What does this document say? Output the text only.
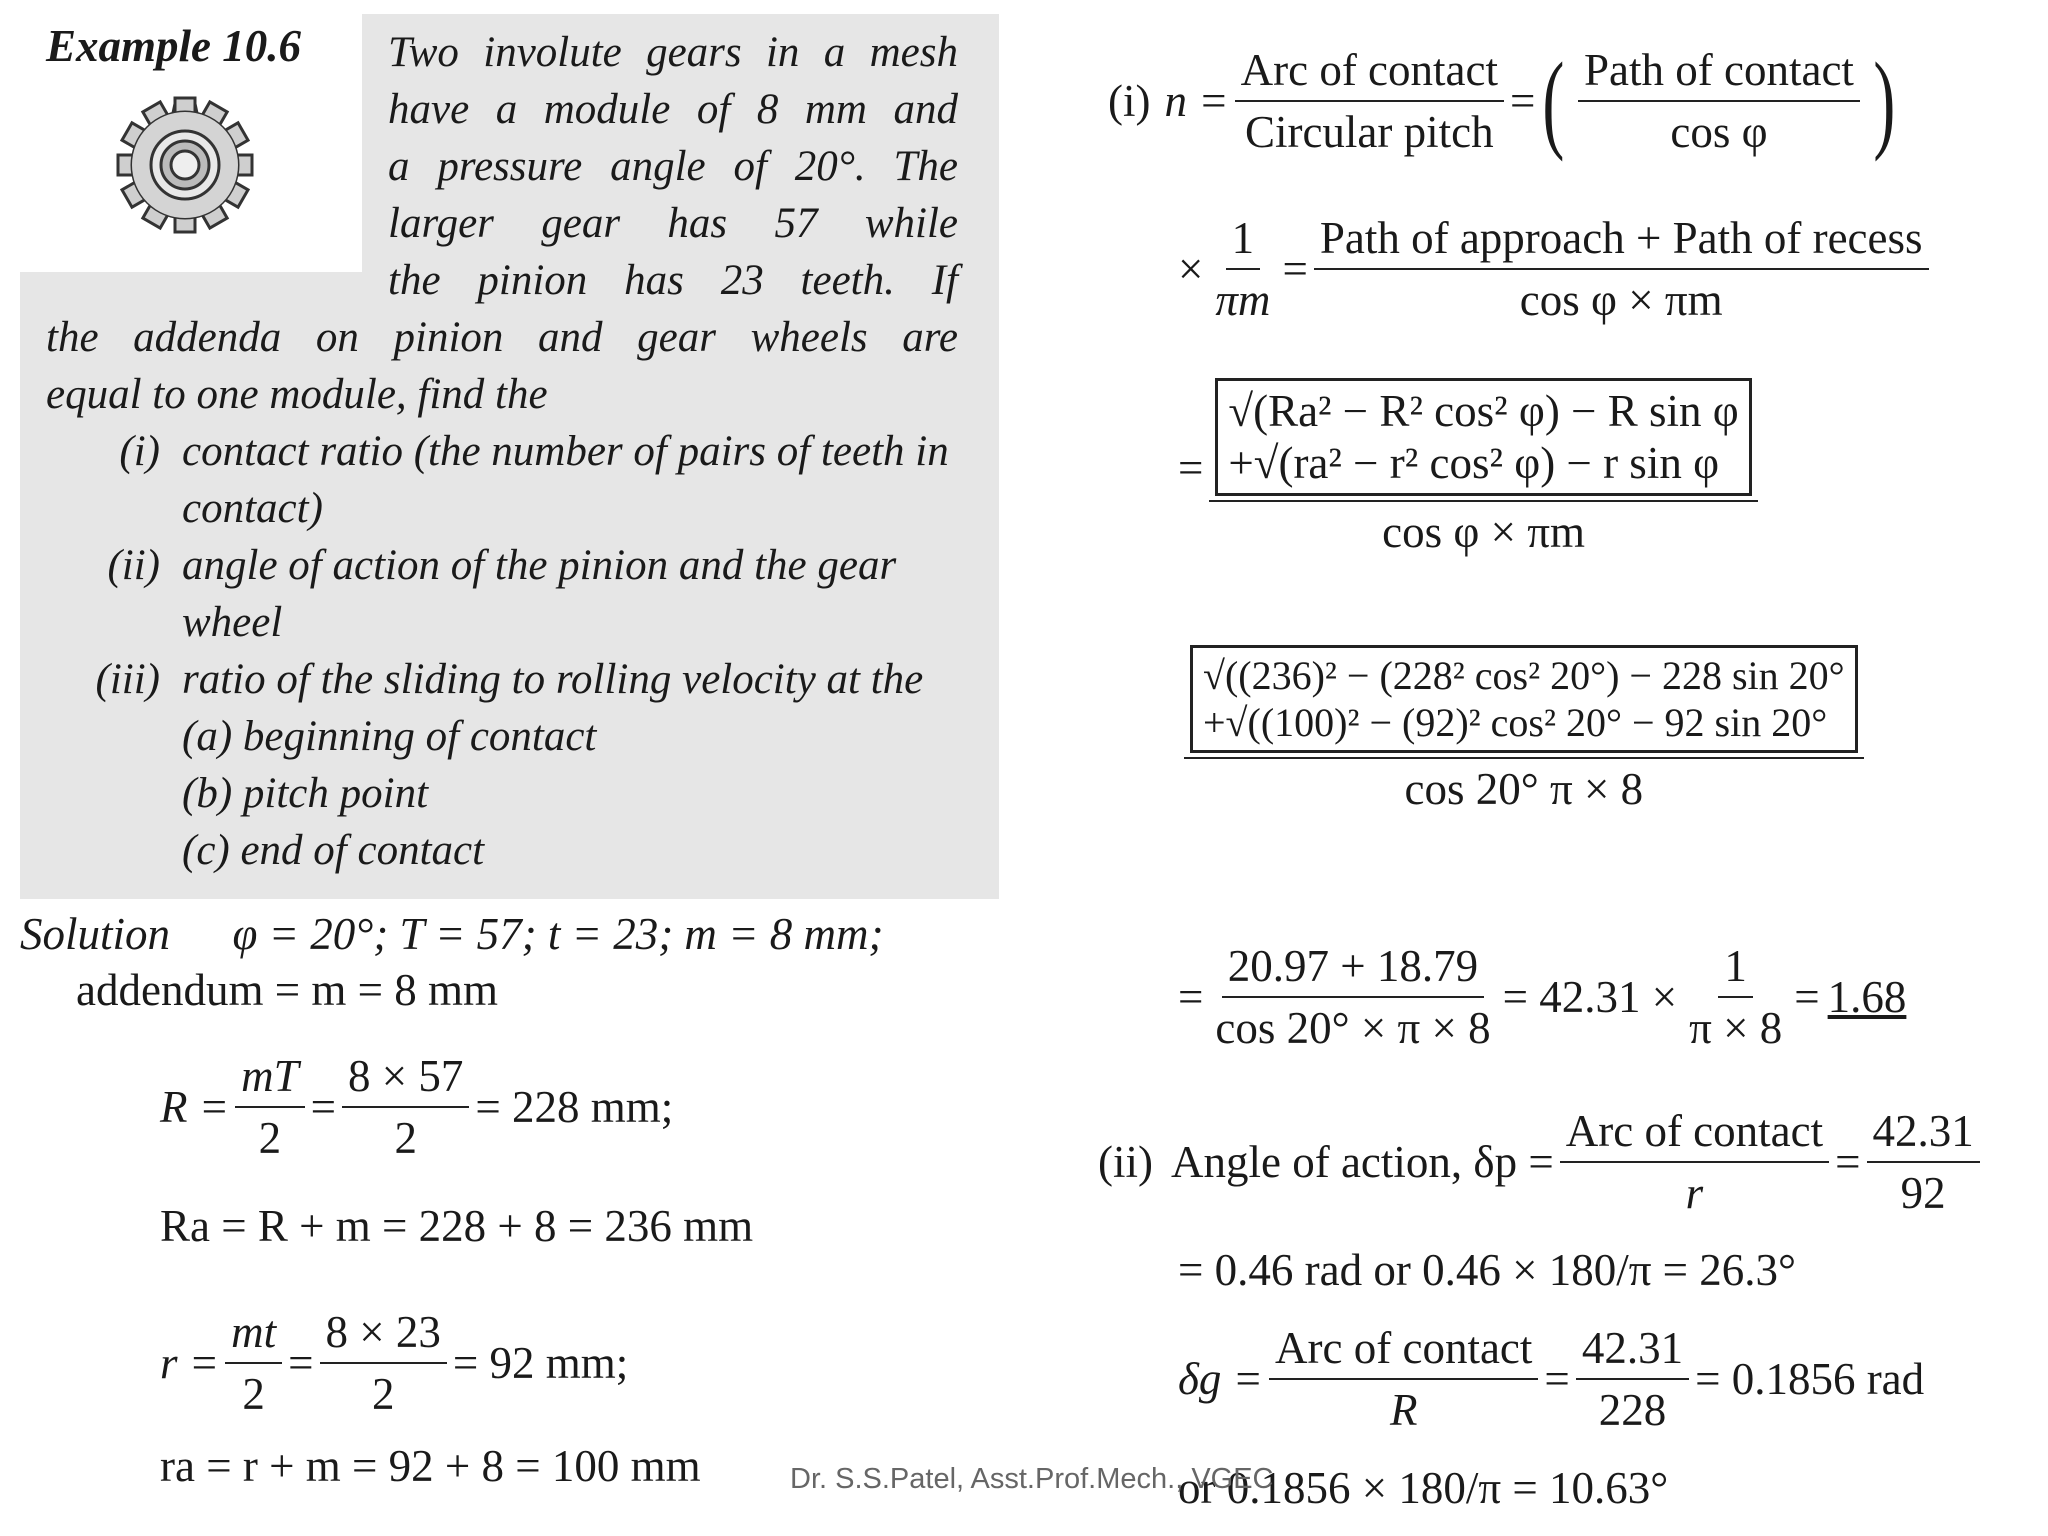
Example 10.6 Two involute gears in a mesh
have a module of 8 mm and
a pressure angle of 20°. The
larger gear has 57 while
the pinion has 23 teeth. If
the addenda on pinion and gear wheels are
equal to one module, find the
(i) contact ratio (the number of pairs of teeth in
contact)
(ii) angle of action of the pinion and the gear
wheel
(iii) ratio of the sliding to rolling velocity at the
(a) beginning of contact
(b) pitch point
(c) end of contact
Solution φ = 20°; T = 57; t = 23; m = 8 mm;
addendum = m = 8 mm
$R = \frac{mT}{2} = \frac{8 \times 57}{2} = 228$ mm;
Ra = R + m = 228 + 8 = 236 mm
$r = \frac{mt}{2} = \frac{8 \times 23}{2} = 92$ mm;
ra = r + m = 92 + 8 = 100 mm
(i) $n = \frac{\text{Arc of contact}}{\text{Circular pitch}}$ = ( $\frac{\text{Path of contact}}{\text{cos φ}}$ )
× $\frac{1}{\pi m} = \frac{\text{Path of approach + Path of recess}}{\text{cos φ × πm}}$
=
√(Ra² − R² cos² φ) − R sin φ
+√(ra² − r² cos² φ) − r sin φ
cos φ × πm
√((236)² − (228² cos² 20°) − 228 sin 20°
+√((100)² − (92)² cos² 20° − 92 sin 20°
cos 20° π × 8
= $\frac{20.97 + 18.79}{\cos 20^\circ \times \pi \times 8} = 42.31 \times \frac{1}{\pi \times 8} = 1.68$
(ii) Angle of action, $\delta p = \frac{\text{Arc of contact}}{r} = \frac{42.31}{92}$
= 0.46 rad or 0.46 × 180/π = 26.3°
$\delta g = \frac{\text{Arc of contact}}{R} = \frac{42.31}{228} = 0.1856$ rad
or 0.1856 × 180/π = 10.63°
Dr. S.S.Patel, Asst.Prof.Mech., VGEC
